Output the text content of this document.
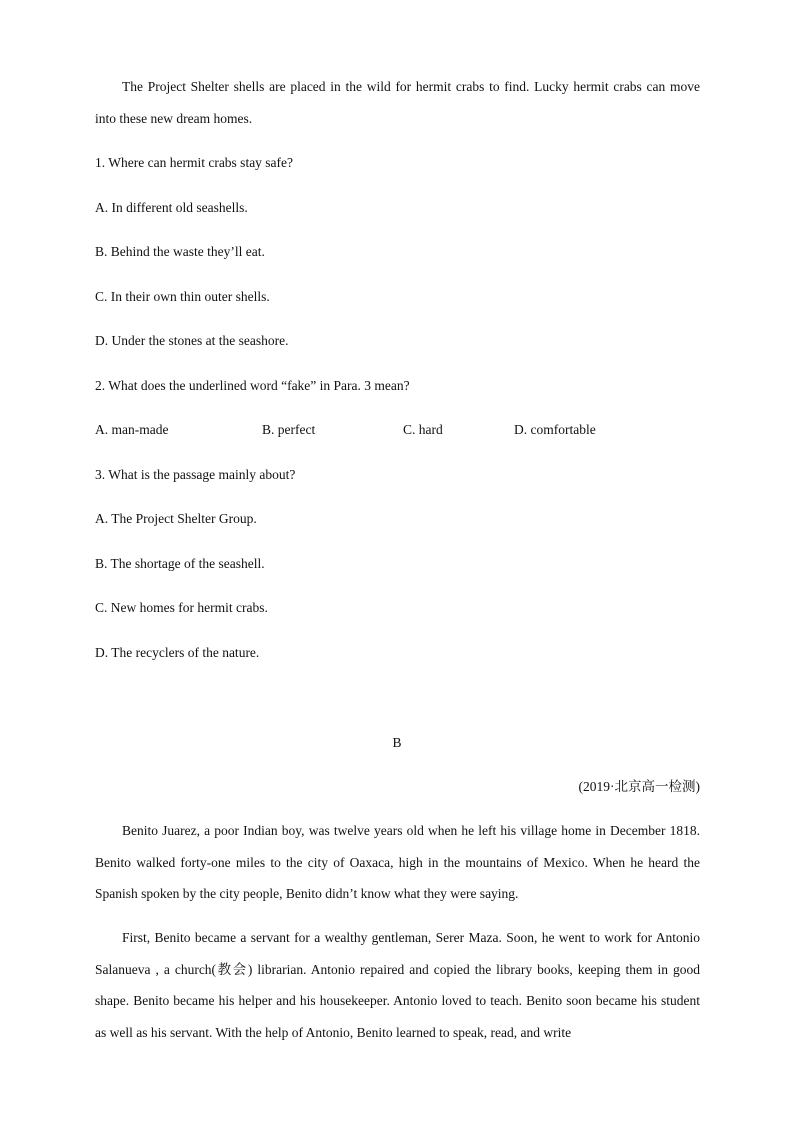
The Project Shelter shells are placed in the wild for hermit crabs to find. Lucky hermit crabs can move into these new dream homes.

1. Where can hermit crabs stay safe?

A. In different old seashells.

B. Behind the waste they’ll eat.

C. In their own thin outer shells.

D. Under the stones at the seashore.

2. What does the underlined word “fake” in Para. 3 mean?

A. man-made	B. perfect	C. hard	D. comfortable

3. What is the passage mainly about?

A. The Project Shelter Group.

B. The shortage of the seashell.

C. New homes for hermit crabs.

D. The recyclers of the nature.

B
(2019·北京高一检测)

Benito Juarez, a poor Indian boy, was twelve years old when he left his village home in December 1818. Benito walked forty-one miles to the city of Oaxaca, high in the mountains of Mexico. When he heard the Spanish spoken by the city people, Benito didn’t know what they were saying.

First, Benito became a servant for a wealthy gentleman, Serer Maza. Soon, he went to work for Antonio Salanueva , a church(教会) librarian. Antonio repaired and copied the library books, keeping them in good shape. Benito became his helper and his housekeeper. Antonio loved to teach. Benito soon became his student as well as his servant. With the help of Antonio, Benito learned to speak, read, and write
